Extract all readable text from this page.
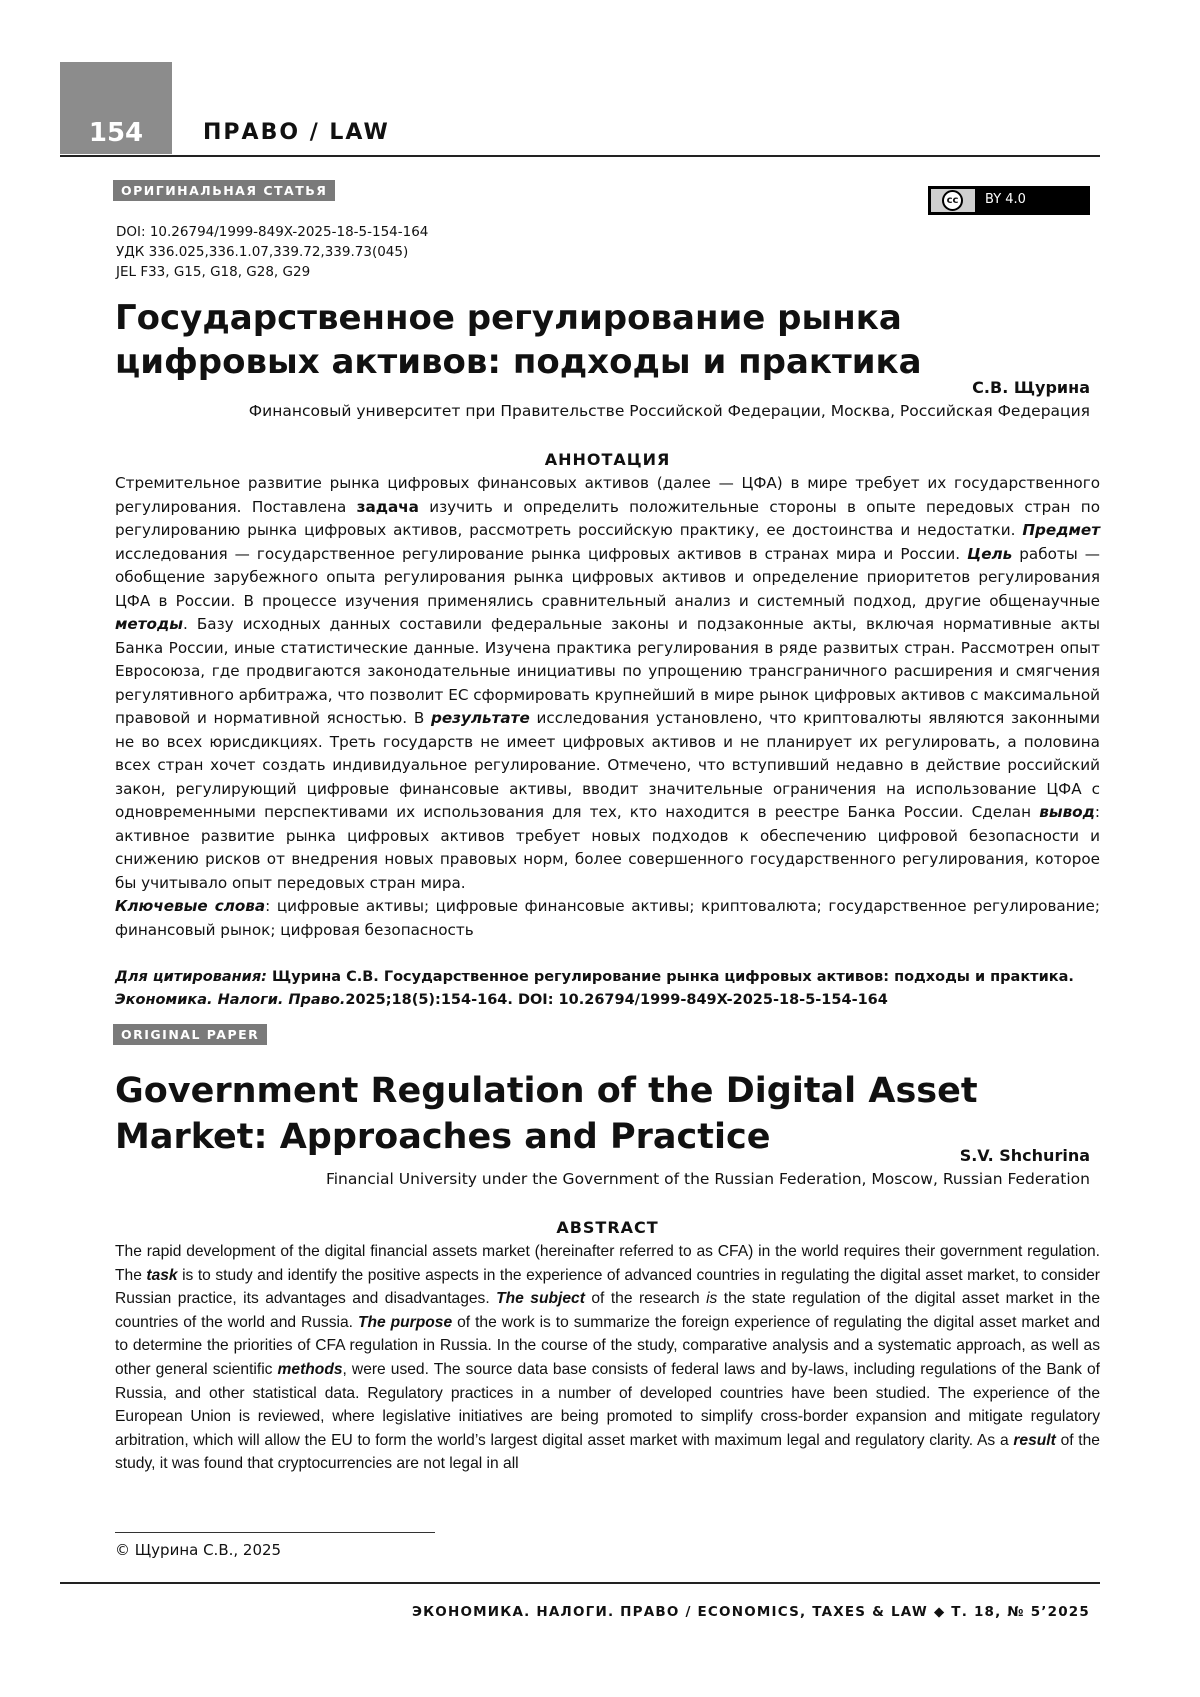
154	ПРАВО / LAW
ОРИГИНАЛЬНАЯ СТАТЬЯ
cc	BY 4.0
DOI: 10.26794/1999-849X-2025-18-5-154-164
УДК 336.025,336.1.07,339.72,339.73(045)
JEL F33, G15, G18, G28, G29
Государственное регулирование рынка цифровых активов: подходы и практика
С.В. Щурина
Финансовый университет при Правительстве Российской Федерации, Москва, Российская Федерация
АННОТАЦИЯ

Стремительное развитие рынка цифровых финансовых активов (далее — ЦФА) в мире требует их государственного регулирования. Поставлена задача изучить и определить положительные стороны в опыте передовых стран по регулированию рынка цифровых активов, рассмотреть российскую практику, ее достоинства и недостатки. Предмет исследования — государственное регулирование рынка цифровых активов в странах мира и России. Цель работы — обобщение зарубежного опыта регулирования рынка цифровых активов и определение приоритетов регулирования ЦФА в России. В процессе изучения применялись сравнительный анализ и системный подход, другие общенаучные методы. Базу исходных данных составили федеральные законы и подзаконные акты, включая нормативные акты Банка России, иные статистические данные. Изучена практика регулирования в ряде развитых стран. Рассмотрен опыт Евросоюза, где продвигаются законодательные инициативы по упрощению трансграничного расширения и смягчения регулятивного арбитража, что позволит ЕС сформировать крупнейший в мире рынок цифровых активов с максимальной правовой и нормативной ясностью. В результате исследования установлено, что криптовалюты являются законными не во всех юрисдикциях. Треть государств не имеет цифровых активов и не планирует их регулировать, а половина всех стран хочет создать индивидуальное регулирование. Отмечено, что вступивший недавно в действие российский закон, регулирующий цифровые финансовые активы, вводит значительные ограничения на использование ЦФА с одновременными перспективами их использования для тех, кто находится в реестре Банка России. Сделан вывод: активное развитие рынка цифровых активов требует новых подходов к обеспечению цифровой безопасности и снижению рисков от внедрения новых правовых норм, более совершенного государственного регулирования, которое бы учитывало опыт передовых стран мира.
Ключевые слова: цифровые активы; цифровые финансовые активы; криптовалюта; государственное регулирование; финансовый рынок; цифровая безопасность

Для цитирования: Щурина С.В. Государственное регулирование рынка цифровых активов: подходы и практика. Экономика. Налоги. Право.2025;18(5):154-164. DOI: 10.26794/1999-849X-2025-18-5-154-164
ORIGINAL PAPER
Government Regulation of the Digital Asset Market: Approaches and Practice	S.V. Shchurina
Financial University under the Government of the Russian Federation, Moscow, Russian Federation
ABSTRACT

The rapid development of the digital financial assets market (hereinafter referred to as CFA) in the world requires their government regulation. The task is to study and identify the positive aspects in the experience of advanced countries in regulating the digital asset market, to consider Russian practice, its advantages and disadvantages. The subject of the research is the state regulation of the digital asset market in the countries of the world and Russia. The purpose of the work is to summarize the foreign experience of regulating the digital asset market and to determine the priorities of CFA regulation in Russia. In the course of the study, comparative analysis and a systematic approach, as well as other general scientific methods, were used. The source data base consists of federal laws and by-laws, including regulations of the Bank of Russia, and other statistical data. Regulatory practices in a number of developed countries have been studied. The experience of the European Union is reviewed, where legislative initiatives are being promoted to simplify cross-border expansion and mitigate regulatory arbitration, which will allow the EU to form the world’s largest digital asset market with maximum legal and regulatory clarity. As a result of the study, it was found that cryptocurrencies are not legal in all

© Щурина С.В., 2025
ЭКОНОМИКА. НАЛОГИ. ПРАВО / ECONOMICS, TAXES & LAW ◆ Т. 18, № 5’2025
